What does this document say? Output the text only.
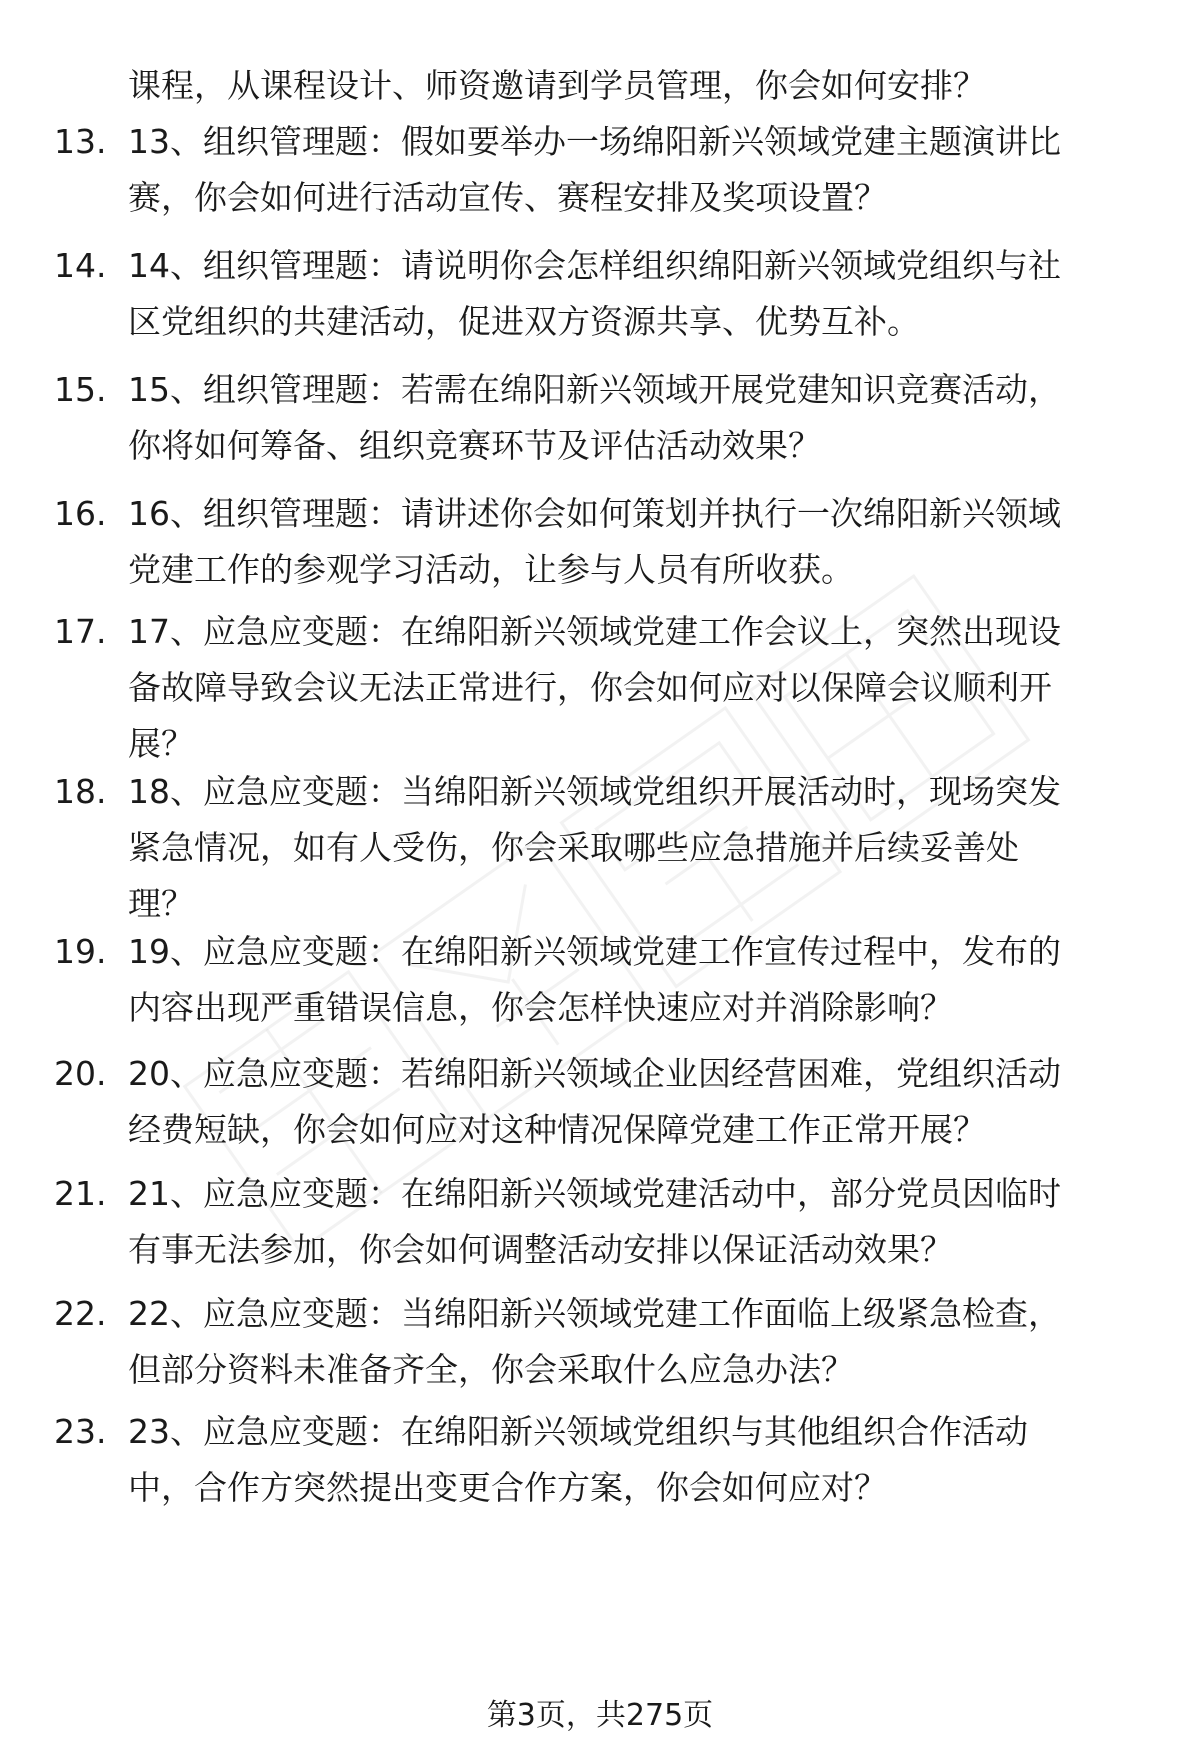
课程，从课程设计、师资邀请到学员管理，你会如何安排？
13. 13、组织管理题：假如要举办一场绵阳新兴领域党建主题演讲比
赛，你会如何进行活动宣传、赛程安排及奖项设置？
14. 14、组织管理题：请说明你会怎样组织绵阳新兴领域党组织与社
区党组织的共建活动，促进双方资源共享、优势互补。
15. 15、组织管理题：若需在绵阳新兴领域开展党建知识竞赛活动，
你将如何筹备、组织竞赛环节及评估活动效果？
16. 16、组织管理题：请讲述你会如何策划并执行一次绵阳新兴领域
党建工作的参观学习活动，让参与人员有所收获。
17. 17、应急应变题：在绵阳新兴领域党建工作会议上，突然出现设
备故障导致会议无法正常进行，你会如何应对以保障会议顺利开
展？
18. 18、应急应变题：当绵阳新兴领域党组织开展活动时，现场突发
紧急情况，如有人受伤，你会采取哪些应急措施并后续妥善处
理？
19. 19、应急应变题：在绵阳新兴领域党建工作宣传过程中，发布的
内容出现严重错误信息，你会怎样快速应对并消除影响？
20. 20、应急应变题：若绵阳新兴领域企业因经营困难，党组织活动
经费短缺，你会如何应对这种情况保障党建工作正常开展？
21. 21、应急应变题：在绵阳新兴领域党建活动中，部分党员因临时
有事无法参加，你会如何调整活动安排以保证活动效果？
22. 22、应急应变题：当绵阳新兴领域党建工作面临上级紧急检查，
但部分资料未准备齐全，你会采取什么应急办法？
23. 23、应急应变题：在绵阳新兴领域党组织与其他组织合作活动
中，合作方突然提出变更合作方案，你会如何应对？
第3页，共275页
